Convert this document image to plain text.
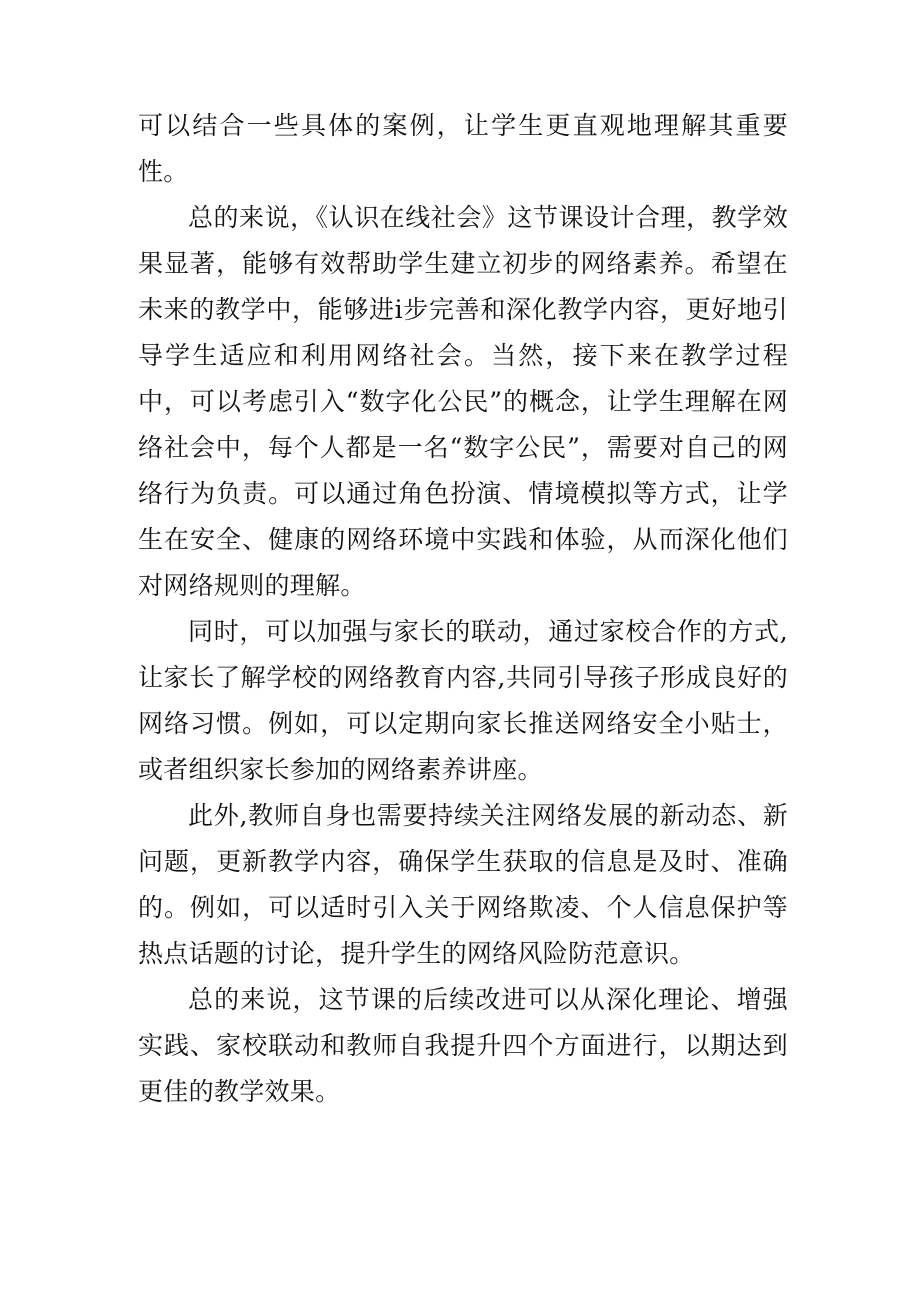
可以结合一些具体的案例，让学生更直观地理解其重要性。

总的来说，《认识在线社会》这节课设计合理，教学效果显著，能够有效帮助学生建立初步的网络素养。希望在未来的教学中，能够进i步完善和深化教学内容，更好地引导学生适应和利用网络社会。当然，接下来在教学过程中，可以考虑引入“数字化公民”的概念，让学生理解在网络社会中，每个人都是一名“数字公民”，需要对自己的网络行为负责。可以通过角色扮演、情境模拟等方式，让学生在安全、健康的网络环境中实践和体验，从而深化他们对网络规则的理解。

同时，可以加强与家长的联动，通过家校合作的方式,让家长了解学校的网络教育内容,共同引导孩子形成良好的网络习惯。例如，可以定期向家长推送网络安全小贴士，或者组织家长参加的网络素养讲座。

此外,教师自身也需要持续关注网络发展的新动态、新问题，更新教学内容，确保学生获取的信息是及时、准确的。例如，可以适时引入关于网络欺凌、个人信息保护等热点话题的讨论，提升学生的网络风险防范意识。

总的来说，这节课的后续改进可以从深化理论、增强实践、家校联动和教师自我提升四个方面进行，以期达到更佳的教学效果。
